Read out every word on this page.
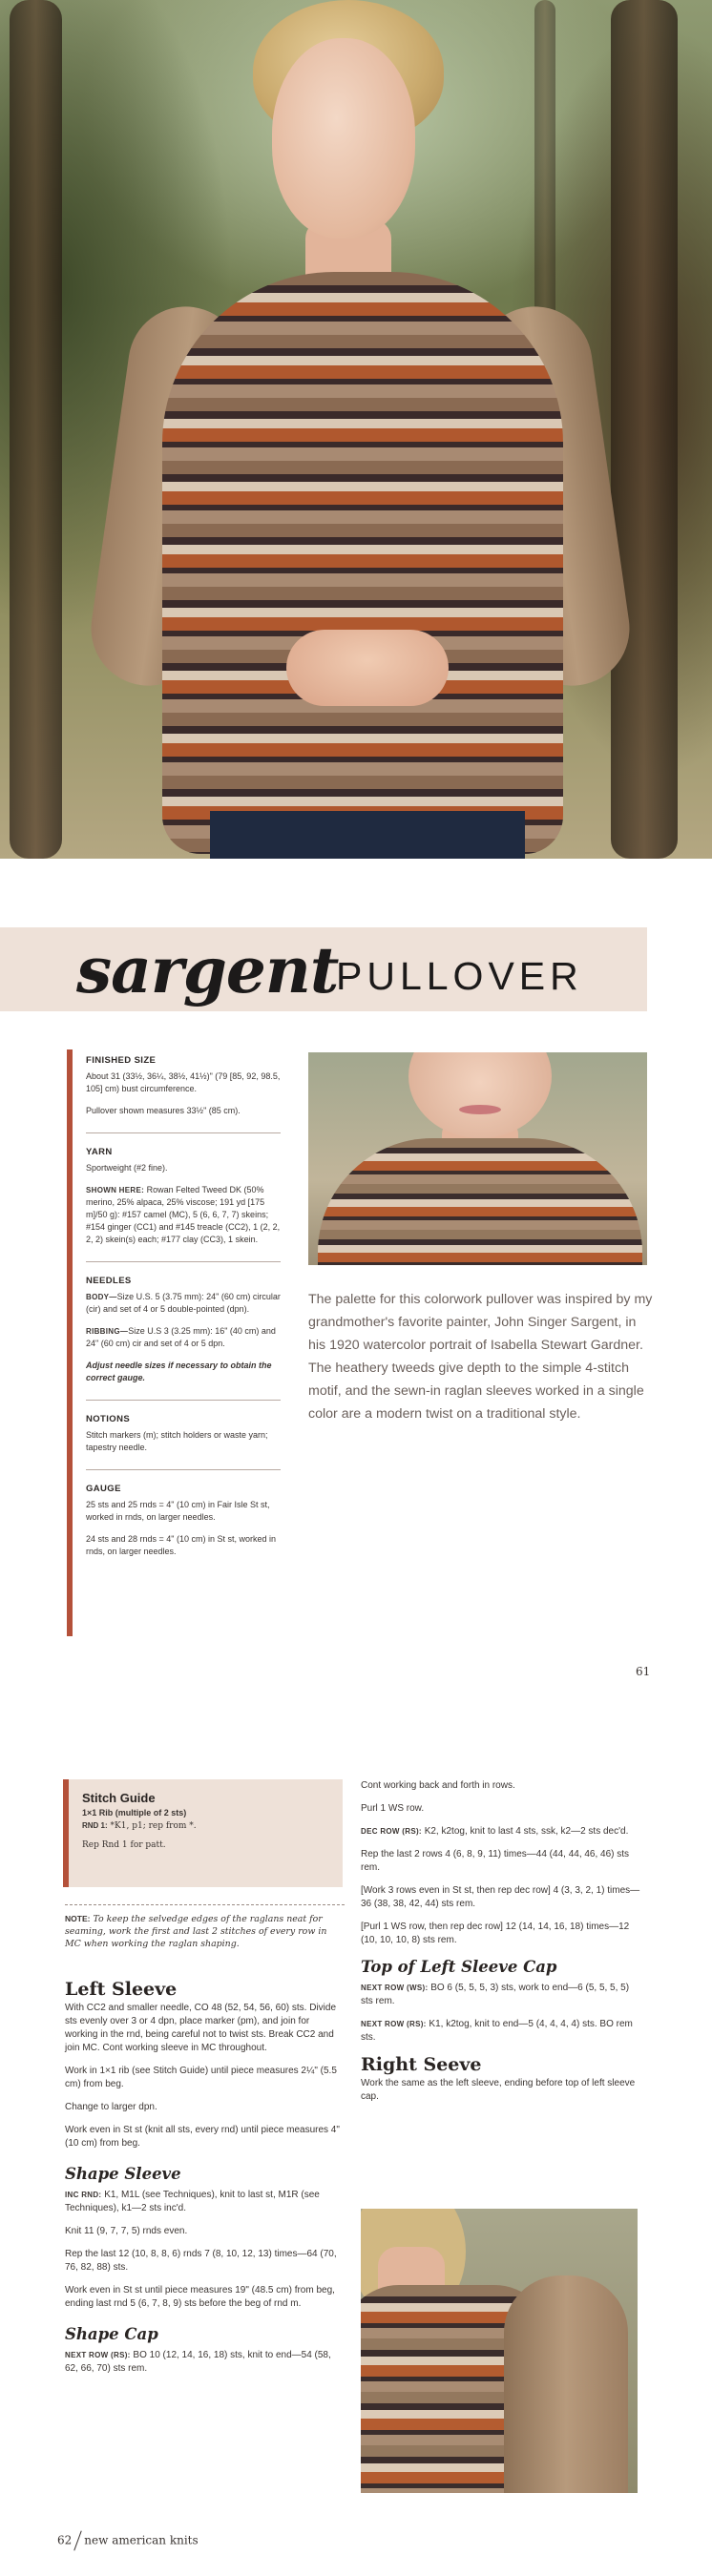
sargent
PULLOVER
FINISHED SIZE
About 31 (33½, 36¼, 38½, 41½)" (79 [85, 92, 98.5, 105] cm) bust circumference.
Pullover shown measures 33½" (85 cm).
YARN
Sportweight (#2 fine).
SHOWN HERE: Rowan Felted Tweed DK (50% merino, 25% alpaca, 25% viscose; 191 yd [175 m]/50 g): #157 camel (MC), 5 (6, 6, 7, 7) skeins; #154 ginger (CC1) and #145 treacle (CC2), 1 (2, 2, 2, 2) skein(s) each; #177 clay (CC3), 1 skein.
NEEDLES
BODY—Size U.S. 5 (3.75 mm): 24" (60 cm) circular (cir) and set of 4 or 5 double-pointed (dpn).
RIBBING—Size U.S 3 (3.25 mm): 16" (40 cm) and 24" (60 cm) cir and set of 4 or 5 dpn.
Adjust needle sizes if necessary to obtain the correct gauge.
NOTIONS
Stitch markers (m); stitch holders or waste yarn; tapestry needle.
GAUGE
25 sts and 25 rnds = 4" (10 cm) in Fair Isle St st, worked in rnds, on larger needles.
24 sts and 28 rnds = 4" (10 cm) in St st, worked in rnds, on larger needles.

The palette for this colorwork pullover was inspired by my grandmother's favorite painter, John Singer Sargent, in his 1920 watercolor portrait of Isabella Stewart Gardner.

The heathery tweeds give depth to the simple 4-stitch motif, and the sewn-in raglan sleeves worked in a single color are a modern twist on a traditional style.

61
Stitch Guide
1×1 Rib (multiple of 2 sts)
RND 1: *K1, p1; rep from *.
Rep Rnd 1 for patt.
NOTE: To keep the selvedge edges of the raglans neat for seaming, work the first and last 2 stitches of every row in MC when working the raglan shaping.
Left Sleeve

With CC2 and smaller needle, CO 48 (52, 54, 56, 60) sts. Divide sts evenly over 3 or 4 dpn, place marker (pm), and join for working in the rnd, being careful not to twist sts. Break CC2 and join MC. Cont working sleeve in MC throughout.

Work in 1×1 rib (see Stitch Guide) until piece measures 2¼" (5.5 cm) from beg.

Change to larger dpn.

Work even in St st (knit all sts, every rnd) until piece measures 4" (10 cm) from beg.

Shape Sleeve

INC RND: K1, M1L (see Techniques), knit to last st, M1R (see Techniques), k1—2 sts inc'd.

Knit 11 (9, 7, 7, 5) rnds even.

Rep the last 12 (10, 8, 8, 6) rnds 7 (8, 10, 12, 13) times—64 (70, 76, 82, 88) sts.

Work even in St st until piece measures 19" (48.5 cm) from beg, ending last rnd 5 (6, 7, 8, 9) sts before the beg of rnd m.

Shape Cap

NEXT ROW (RS): BO 10 (12, 14, 16, 18) sts, knit to end—54 (58, 62, 66, 70) sts rem.

Cont working back and forth in rows.

Purl 1 WS row.

DEC ROW (RS): K2, k2tog, knit to last 4 sts, ssk, k2—2 sts dec'd.

Rep the last 2 rows 4 (6, 8, 9, 11) times—44 (44, 44, 46, 46) sts rem.

[Work 3 rows even in St st, then rep dec row] 4 (3, 3, 2, 1) times—36 (38, 38, 42, 44) sts rem.

[Purl 1 WS row, then rep dec row] 12 (14, 14, 16, 18) times—12 (10, 10, 10, 8) sts rem.

Top of Left Sleeve Cap

NEXT ROW (WS): BO 6 (5, 5, 5, 3) sts, work to end—6 (5, 5, 5, 5) sts rem.

NEXT ROW (RS): K1, k2tog, knit to end—5 (4, 4, 4, 4) sts. BO rem sts.

Right Seeve

Work the same as the left sleeve, ending before top of left sleeve cap.

62 new american knits
